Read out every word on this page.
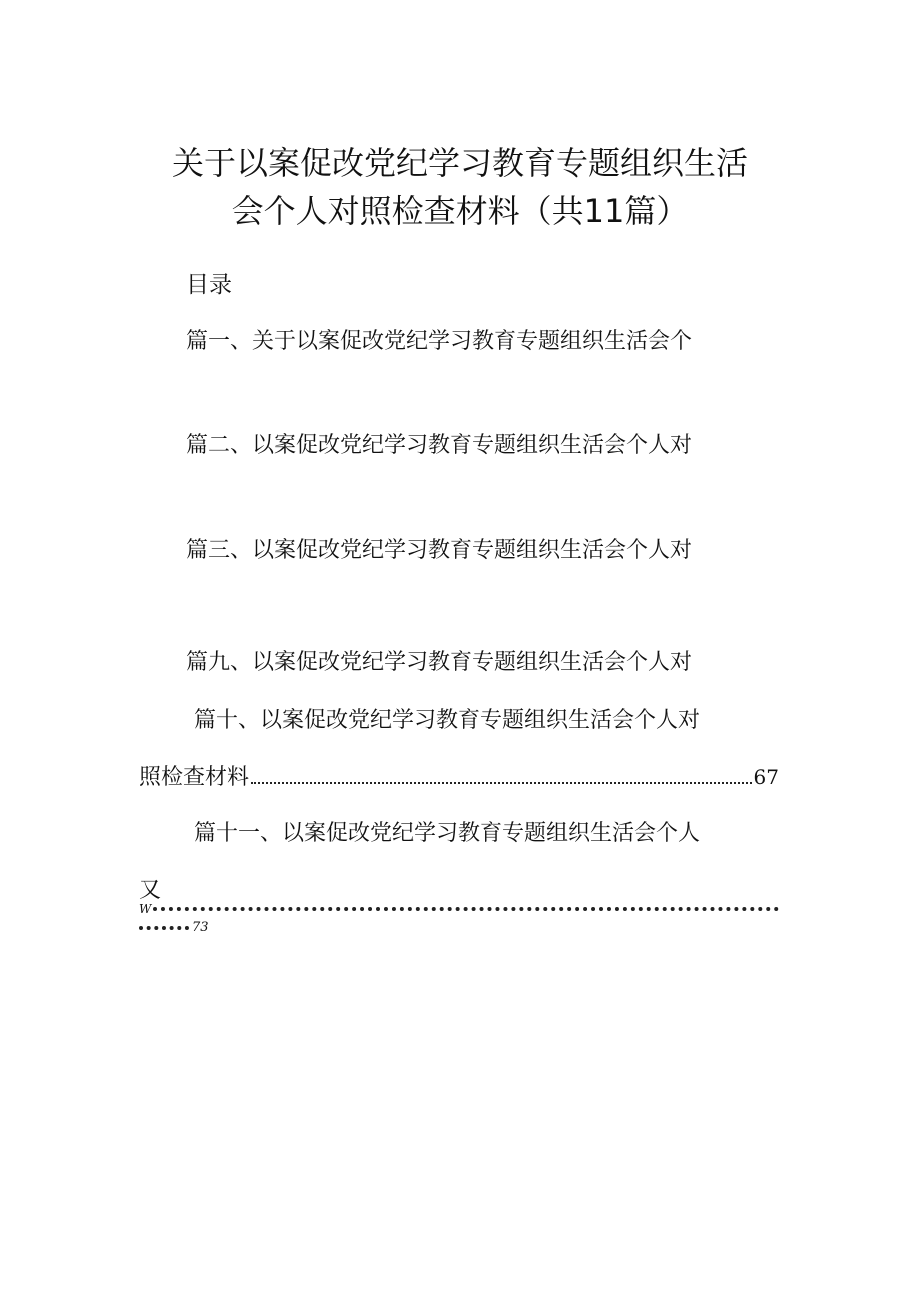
关于以案促改党纪学习教育专题组织生活
会个人对照检查材料（共11篇）
目录
篇一、关于以案促改党纪学习教育专题组织生活会个
篇二、以案促改党纪学习教育专题组织生活会个人对
篇三、以案促改党纪学习教育专题组织生活会个人对
篇九、以案促改党纪学习教育专题组织生活会个人对
篇十、以案促改党纪学习教育专题组织生活会个人对
照检查材料	67
篇十一、以案促改党纪学习教育专题组织生活会个人
又
W
73
